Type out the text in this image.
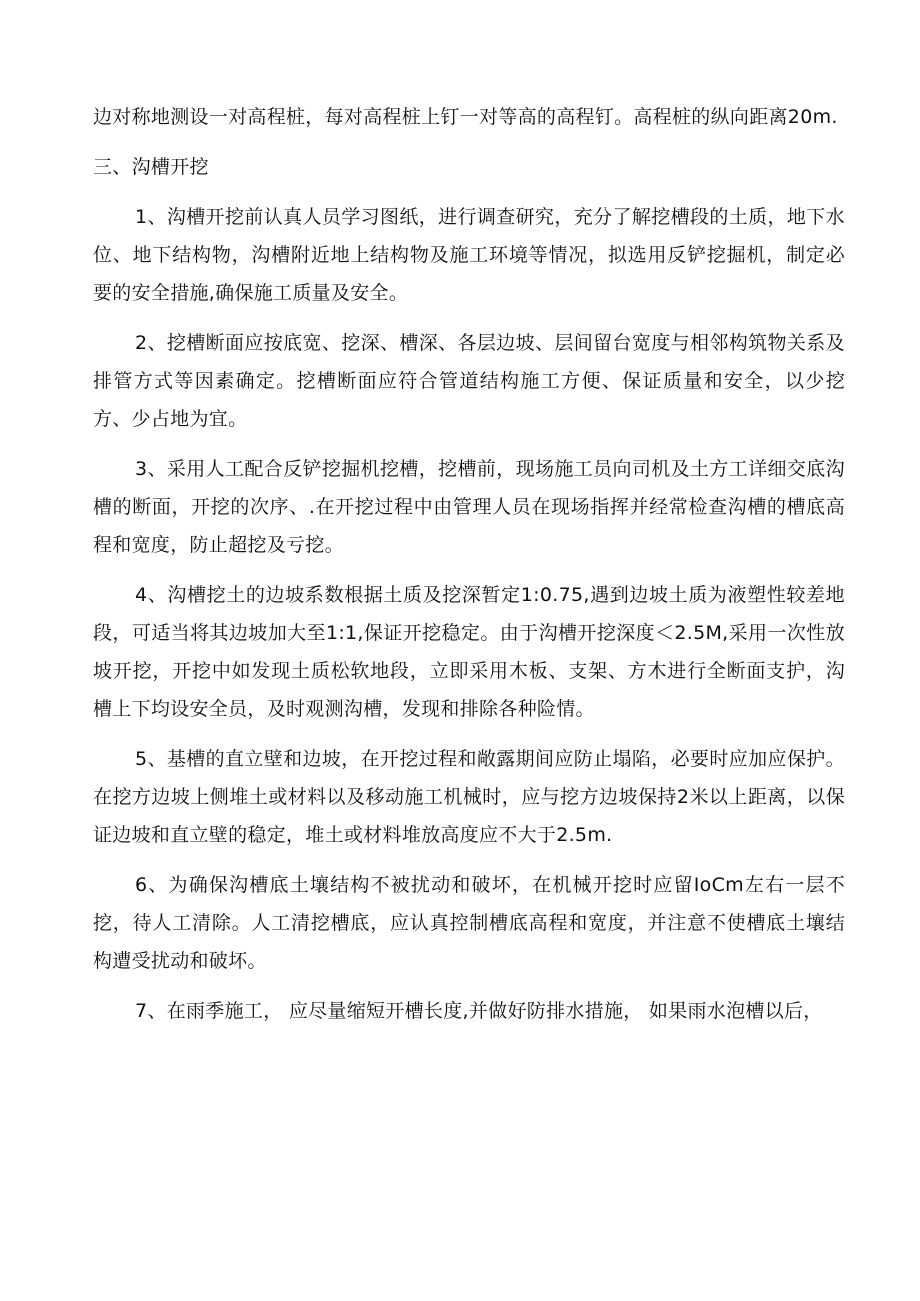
边对称地测设一对高程桩，每对高程桩上钉一对等高的高程钉。高程桩的纵向距离20m.

三、沟槽开挖

1、沟槽开挖前认真人员学习图纸，进行调查研究，充分了解挖槽段的土质，地下水位、地下结构物，沟槽附近地上结构物及施工环境等情况，拟选用反铲挖掘机，制定必要的安全措施,确保施工质量及安全。

2、挖槽断面应按底宽、挖深、槽深、各层边坡、层间留台宽度与相邻构筑物关系及排管方式等因素确定。挖槽断面应符合管道结构施工方便、保证质量和安全，以少挖方、少占地为宜。

3、采用人工配合反铲挖掘机挖槽，挖槽前，现场施工员向司机及土方工详细交底沟槽的断面，开挖的次序、.在开挖过程中由管理人员在现场指挥并经常检查沟槽的槽底高程和宽度，防止超挖及亏挖。

4、沟槽挖土的边坡系数根据土质及挖深暂定1:0.75,遇到边坡土质为液塑性较差地段，可适当将其边坡加大至1:1,保证开挖稳定。由于沟槽开挖深度＜2.5M,采用一次性放坡开挖，开挖中如发现土质松软地段，立即采用木板、支架、方木进行全断面支护，沟槽上下均设安全员，及时观测沟槽，发现和排除各种险情。

5、基槽的直立壁和边坡，在开挖过程和敞露期间应防止塌陷，必要时应加应保护。在挖方边坡上侧堆土或材料以及移动施工机械时，应与挖方边坡保持2米以上距离，以保证边坡和直立壁的稳定，堆土或材料堆放高度应不大于2.5m.

6、为确保沟槽底土壤结构不被扰动和破坏，在机械开挖时应留IoCm左右一层不挖，待人工清除。人工清挖槽底，应认真控制槽底高程和宽度，并注意不使槽底土壤结构遭受扰动和破坏。

7、在雨季施工， 应尽量缩短开槽长度,并做好防排水措施， 如果雨水泡槽以后，
